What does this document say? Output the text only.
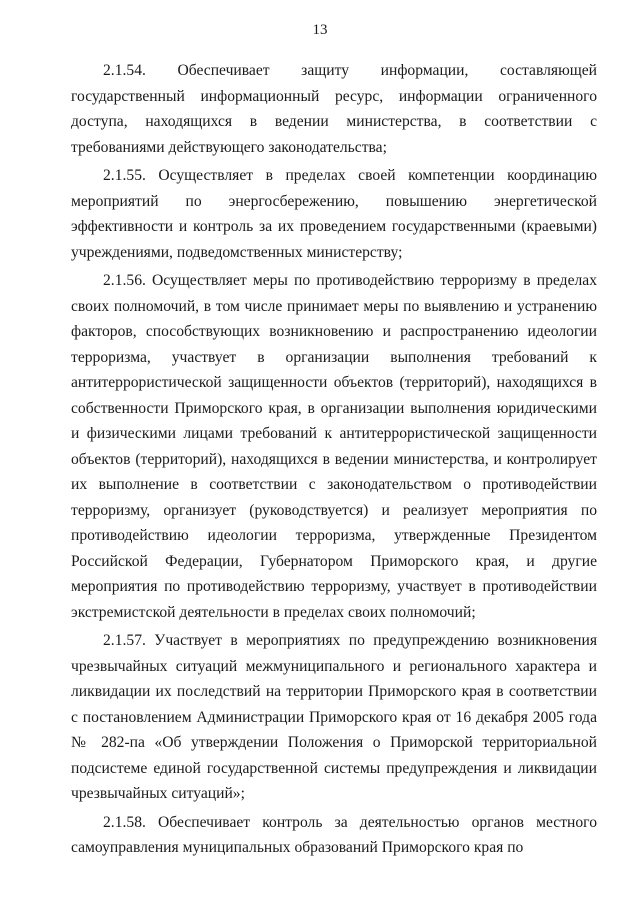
13

2.1.54. Обеспечивает защиту информации, составляющей государственный информационный ресурс, информации ограниченного доступа, находящихся в ведении министерства, в соответствии с требованиями действующего законодательства;

2.1.55. Осуществляет в пределах своей компетенции координацию мероприятий по энергосбережению, повышению энергетической эффективности и контроль за их проведением государственными (краевыми) учреждениями, подведомственных министерству;

2.1.56. Осуществляет меры по противодействию терроризму в пределах своих полномочий, в том числе принимает меры по выявлению и устранению факторов, способствующих возникновению и распространению идеологии терроризма, участвует в организации выполнения требований к антитеррористической защищенности объектов (территорий), находящихся в собственности Приморского края, в организации выполнения юридическими и физическими лицами требований к антитеррористической защищенности объектов (территорий), находящихся в ведении министерства, и контролирует их выполнение в соответствии с законодательством о противодействии терроризму, организует (руководствуется) и реализует мероприятия по противодействию идеологии терроризма, утвержденные Президентом Российской Федерации, Губернатором Приморского края, и другие мероприятия по противодействию терроризму, участвует в противодействии экстремистской деятельности в пределах своих полномочий;

2.1.57. Участвует в мероприятиях по предупреждению возникновения чрезвычайных ситуаций межмуниципального и регионального характера и ликвидации их последствий на территории Приморского края в соответствии с постановлением Администрации Приморского края от 16 декабря 2005 года № 282-па «Об утверждении Положения о Приморской территориальной подсистеме единой государственной системы предупреждения и ликвидации чрезвычайных ситуаций»;

2.1.58. Обеспечивает контроль за деятельностью органов местного самоуправления муниципальных образований Приморского края по
